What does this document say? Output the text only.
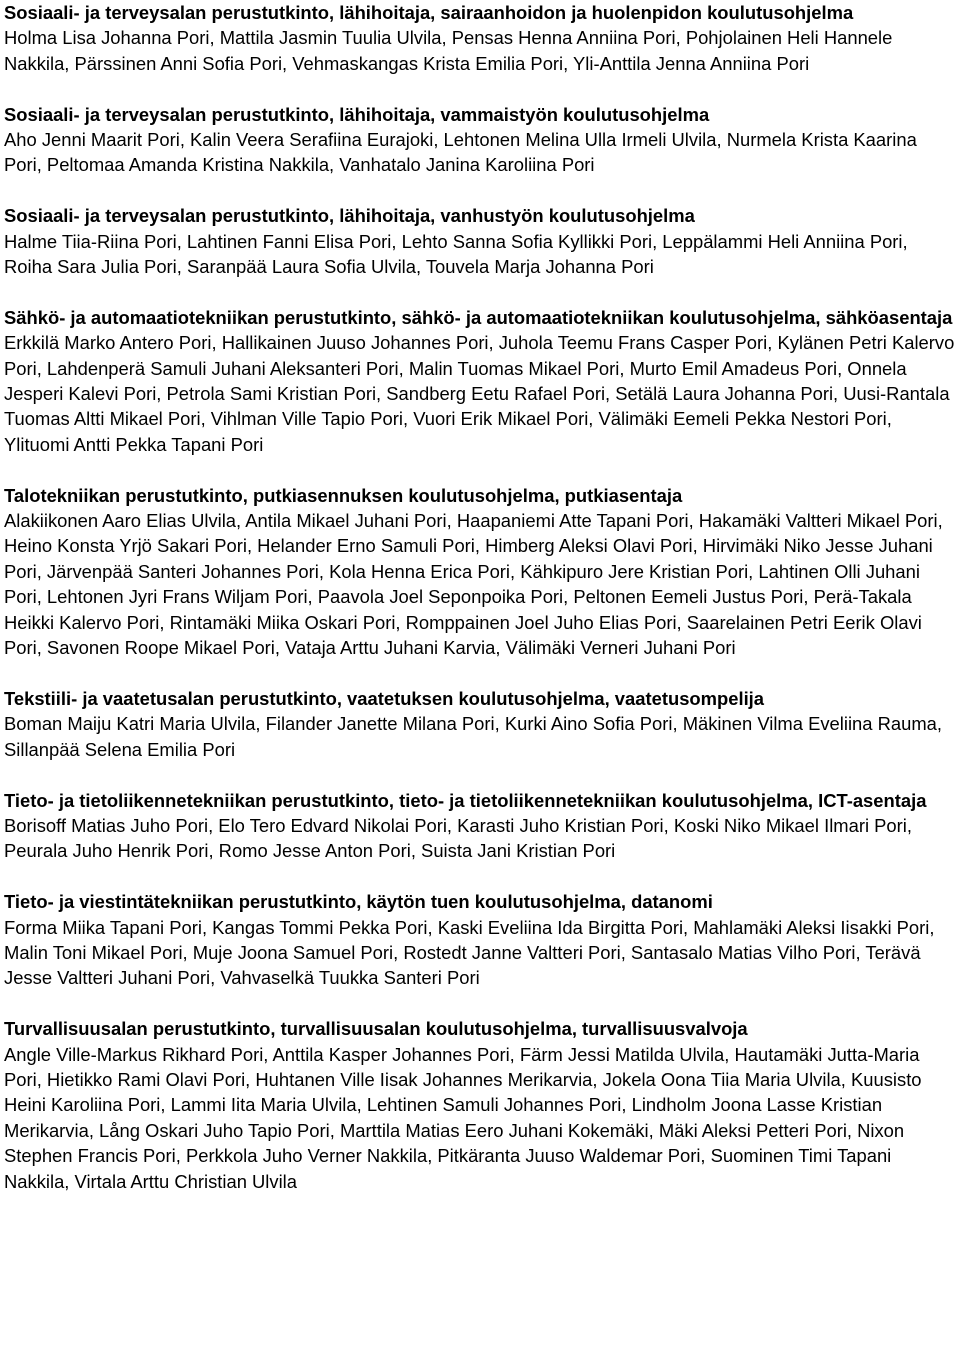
Sosiaali- ja terveysalan perustutkinto, lähihoitaja, sairaanhoidon ja huolenpidon koulutusohjelma

Holma Lisa Johanna Pori, Mattila Jasmin Tuulia Ulvila, Pensas Henna Anniina Pori, Pohjolainen Heli Hannele Nakkila, Pärssinen Anni Sofia Pori, Vehmaskangas Krista Emilia Pori, Yli-Anttila Jenna Anniina Pori

Sosiaali- ja terveysalan perustutkinto, lähihoitaja, vammaistyön koulutusohjelma

Aho Jenni Maarit Pori, Kalin Veera Serafiina Eurajoki, Lehtonen Melina Ulla Irmeli Ulvila, Nurmela Krista Kaarina Pori, Peltomaa Amanda Kristina Nakkila, Vanhatalo Janina Karoliina Pori

Sosiaali- ja terveysalan perustutkinto, lähihoitaja, vanhustyön koulutusohjelma

Halme Tiia-Riina Pori, Lahtinen Fanni Elisa Pori, Lehto Sanna Sofia Kyllikki Pori, Leppälammi Heli Anniina Pori, Roiha Sara Julia Pori, Saranpää Laura Sofia Ulvila, Touvela Marja Johanna Pori

Sähkö- ja automaatiotekniikan perustutkinto, sähkö- ja automaatiotekniikan koulutusohjelma, sähköasentaja

Erkkilä Marko Antero Pori, Hallikainen Juuso Johannes Pori, Juhola Teemu Frans Casper Pori, Kylänen Petri Kalervo Pori, Lahdenperä Samuli Juhani Aleksanteri Pori, Malin Tuomas Mikael Pori, Murto Emil Amadeus Pori, Onnela Jesperi Kalevi Pori, Petrola Sami Kristian Pori, Sandberg Eetu Rafael Pori, Setälä Laura Johanna Pori, Uusi-Rantala Tuomas Altti Mikael Pori, Vihlman Ville Tapio Pori, Vuori Erik Mikael Pori, Välimäki Eemeli Pekka Nestori Pori, Ylituomi Antti Pekka Tapani Pori

Talotekniikan perustutkinto, putkiasennuksen koulutusohjelma, putkiasentaja

Alakiikonen Aaro Elias Ulvila, Antila Mikael Juhani Pori, Haapaniemi Atte Tapani Pori, Hakamäki Valtteri Mikael Pori, Heino Konsta Yrjö Sakari Pori, Helander Erno Samuli Pori, Himberg Aleksi Olavi Pori, Hirvimäki Niko Jesse Juhani Pori, Järvenpää Santeri Johannes Pori, Kola Henna Erica Pori, Kähkipuro Jere Kristian Pori, Lahtinen Olli Juhani Pori, Lehtonen Jyri Frans Wiljam Pori, Paavola Joel Seponpoika Pori, Peltonen Eemeli Justus Pori, Perä-Takala Heikki Kalervo Pori, Rintamäki Miika Oskari Pori, Romppainen Joel Juho Elias Pori, Saarelainen Petri Eerik Olavi Pori, Savonen Roope Mikael Pori, Vataja Arttu Juhani Karvia, Välimäki Verneri Juhani Pori

Tekstiili- ja vaatetusalan perustutkinto, vaatetuksen koulutusohjelma, vaatetusompelija

Boman Maiju Katri Maria Ulvila, Filander Janette Milana Pori, Kurki Aino Sofia Pori, Mäkinen Vilma Eveliina Rauma, Sillanpää Selena Emilia Pori

Tieto- ja tietoliikennetekniikan perustutkinto, tieto- ja tietoliikennetekniikan koulutusohjelma, ICT-asentaja

Borisoff Matias Juho Pori, Elo Tero Edvard Nikolai Pori, Karasti Juho Kristian Pori, Koski Niko Mikael Ilmari Pori, Peurala Juho Henrik Pori, Romo Jesse Anton Pori, Suista Jani Kristian Pori

Tieto- ja viestintätekniikan perustutkinto, käytön tuen koulutusohjelma, datanomi

Forma Miika Tapani Pori, Kangas Tommi Pekka Pori, Kaski Eveliina Ida Birgitta Pori, Mahlamäki Aleksi Iisakki Pori, Malin Toni Mikael Pori, Muje Joona Samuel Pori, Rostedt Janne Valtteri Pori, Santasalo Matias Vilho Pori, Terävä Jesse Valtteri Juhani Pori, Vahvaselkä Tuukka Santeri Pori

Turvallisuusalan perustutkinto, turvallisuusalan koulutusohjelma, turvallisuusvalvoja

Angle Ville-Markus Rikhard Pori, Anttila Kasper Johannes Pori, Färm Jessi Matilda Ulvila, Hautamäki Jutta-Maria Pori, Hietikko Rami Olavi Pori, Huhtanen Ville Iisak Johannes Merikarvia, Jokela Oona Tiia Maria Ulvila, Kuusisto Heini Karoliina Pori, Lammi Iita Maria Ulvila, Lehtinen Samuli Johannes Pori, Lindholm Joona Lasse Kristian Merikarvia, Lång Oskari Juho Tapio Pori, Marttila Matias Eero Juhani Kokemäki, Mäki Aleksi Petteri Pori, Nixon Stephen Francis Pori, Perkkola Juho Verner Nakkila, Pitkäranta Juuso Waldemar Pori, Suominen Timi Tapani Nakkila, Virtala Arttu Christian Ulvila
